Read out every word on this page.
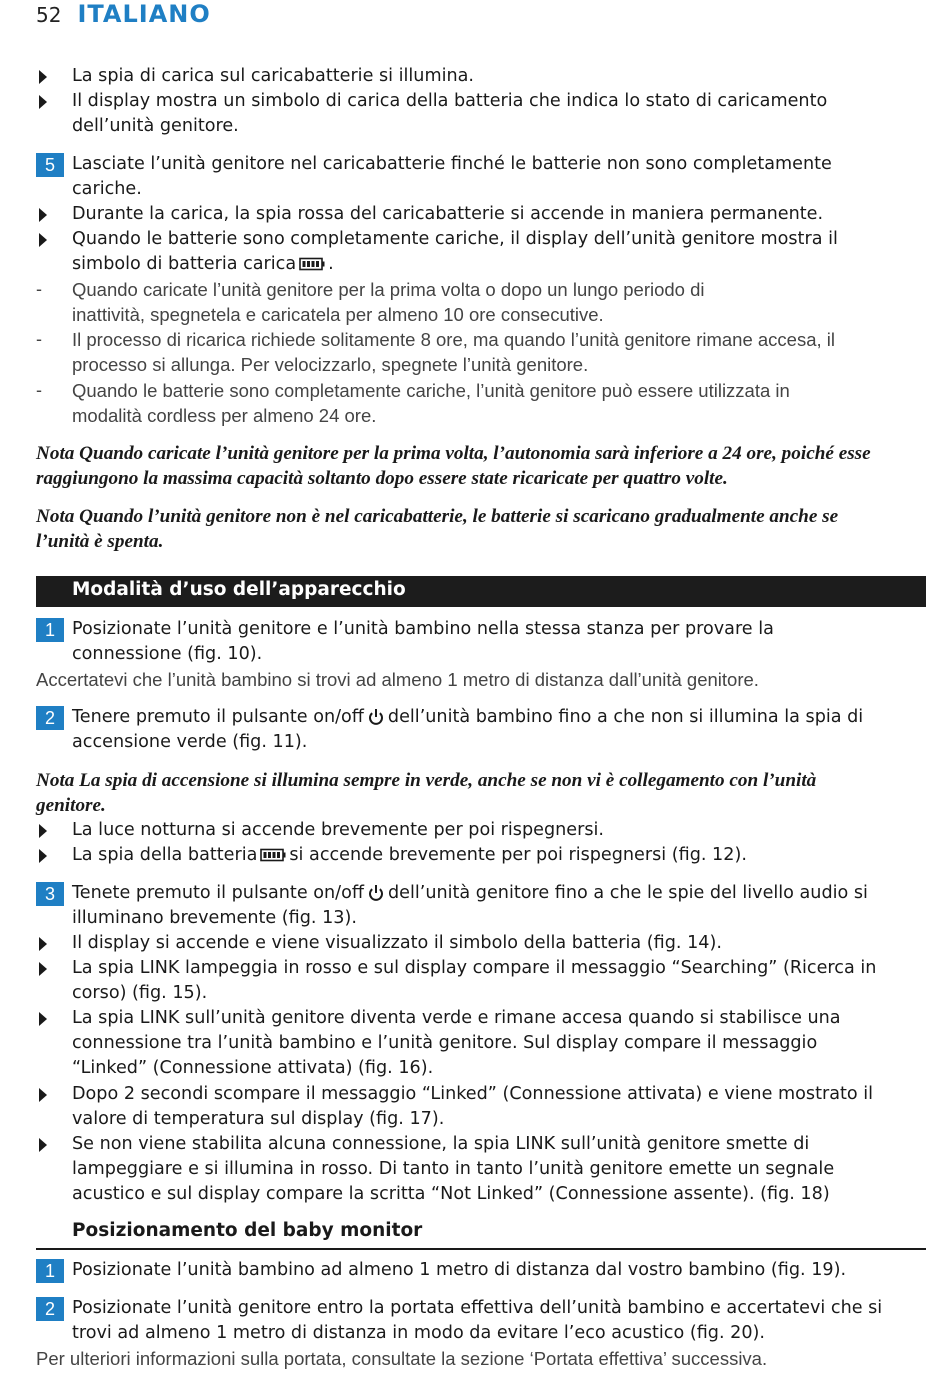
52 ITALIANO
La spia di carica sul caricabatterie si illumina.
Il display mostra un simbolo di carica della batteria che indica lo stato di caricamento
dell’unità genitore.
5 Lasciate l’unità genitore nel caricabatterie finché le batterie non sono completamente
cariche.
Durante la carica, la spia rossa del caricabatterie si accende in maniera permanente.
Quando le batterie sono completamente cariche, il display dell’unità genitore mostra il
simbolo di batteria carica .
- Quando caricate l’unità genitore per la prima volta o dopo un lungo periodo di
inattività, spegnetela e caricatela per almeno 10 ore consecutive.
- Il processo di ricarica richiede solitamente 8 ore, ma quando l’unità genitore rimane accesa, il
processo si allunga. Per velocizzarlo, spegnete l’unità genitore.
- Quando le batterie sono completamente cariche, l’unità genitore può essere utilizzata in
modalità cordless per almeno 24 ore.
Nota Quando caricate l’unità genitore per la prima volta, l’autonomia sarà inferiore a 24 ore, poiché esse
raggiungono la massima capacità soltanto dopo essere state ricaricate per quattro volte.
Nota Quando l’unità genitore non è nel caricabatterie, le batterie si scaricano gradualmente anche se
l’unità è spenta.
Modalità d’uso dell’apparecchio
1 Posizionate l’unità genitore e l’unità bambino nella stessa stanza per provare la
connessione (fig. 10).
Accertatevi che l’unità bambino si trovi ad almeno 1 metro di distanza dall’unità genitore.
2 Tenere premuto il pulsante on/off dell’unità bambino fino a che non si illumina la spia di
accensione verde (fig. 11).
Nota La spia di accensione si illumina sempre in verde, anche se non vi è collegamento con l’unità
genitore.
La luce notturna si accende brevemente per poi rispegnersi.
La spia della batteria si accende brevemente per poi rispegnersi (fig. 12).
3 Tenete premuto il pulsante on/off dell’unità genitore fino a che le spie del livello audio si
illuminano brevemente (fig. 13).
Il display si accende e viene visualizzato il simbolo della batteria (fig. 14).
La spia LINK lampeggia in rosso e sul display compare il messaggio “Searching” (Ricerca in
corso) (fig. 15).
La spia LINK sull’unità genitore diventa verde e rimane accesa quando si stabilisce una
connessione tra l’unità bambino e l’unità genitore. Sul display compare il messaggio
“Linked” (Connessione attivata) (fig. 16).
Dopo 2 secondi scompare il messaggio “Linked” (Connessione attivata) e viene mostrato il
valore di temperatura sul display (fig. 17).
Se non viene stabilita alcuna connessione, la spia LINK sull’unità genitore smette di
lampeggiare e si illumina in rosso. Di tanto in tanto l’unità genitore emette un segnale
acustico e sul display compare la scritta “Not Linked” (Connessione assente). (fig. 18)
Posizionamento del baby monitor
1 Posizionate l’unità bambino ad almeno 1 metro di distanza dal vostro bambino (fig. 19).
2 Posizionate l’unità genitore entro la portata effettiva dell’unità bambino e accertatevi che si
trovi ad almeno 1 metro di distanza in modo da evitare l’eco acustico (fig. 20).
Per ulteriori informazioni sulla portata, consultate la sezione ‘Portata effettiva’ successiva.
